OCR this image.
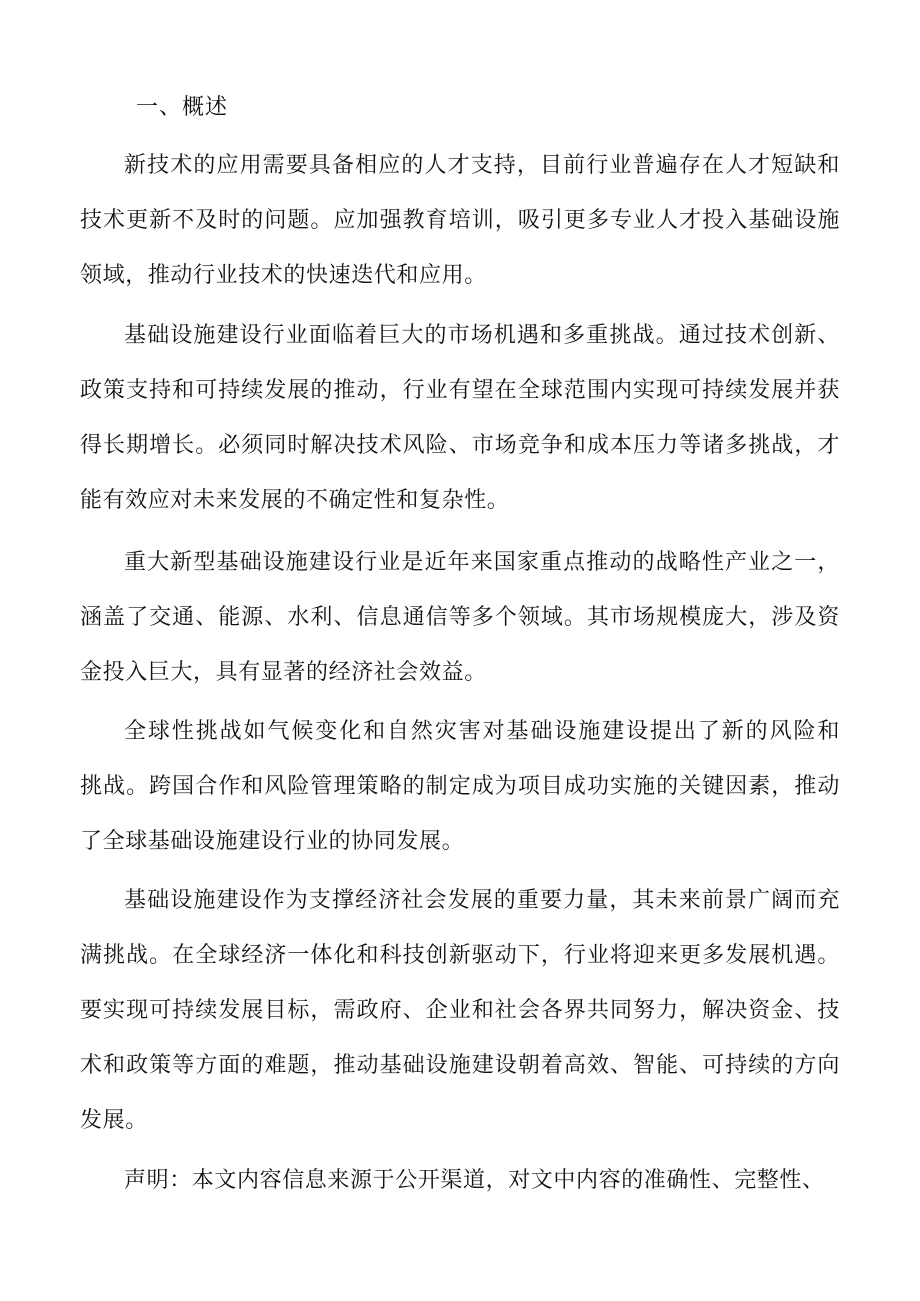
一、概述
新技术的应用需要具备相应的人才支持，目前行业普遍存在人才短缺和
技术更新不及时的问题。应加强教育培训，吸引更多专业人才投入基础设施
领域，推动行业技术的快速迭代和应用。
基础设施建设行业面临着巨大的市场机遇和多重挑战。通过技术创新、
政策支持和可持续发展的推动，行业有望在全球范围内实现可持续发展并获
得长期增长。必须同时解决技术风险、市场竞争和成本压力等诸多挑战，才
能有效应对未来发展的不确定性和复杂性。
重大新型基础设施建设行业是近年来国家重点推动的战略性产业之一，
涵盖了交通、能源、水利、信息通信等多个领域。其市场规模庞大，涉及资
金投入巨大，具有显著的经济社会效益。
全球性挑战如气候变化和自然灾害对基础设施建设提出了新的风险和
挑战。跨国合作和风险管理策略的制定成为项目成功实施的关键因素，推动
了全球基础设施建设行业的协同发展。
基础设施建设作为支撑经济社会发展的重要力量，其未来前景广阔而充
满挑战。在全球经济一体化和科技创新驱动下，行业将迎来更多发展机遇。
要实现可持续发展目标，需政府、企业和社会各界共同努力，解决资金、技
术和政策等方面的难题，推动基础设施建设朝着高效、智能、可持续的方向
发展。
声明：本文内容信息来源于公开渠道，对文中内容的准确性、完整性、
